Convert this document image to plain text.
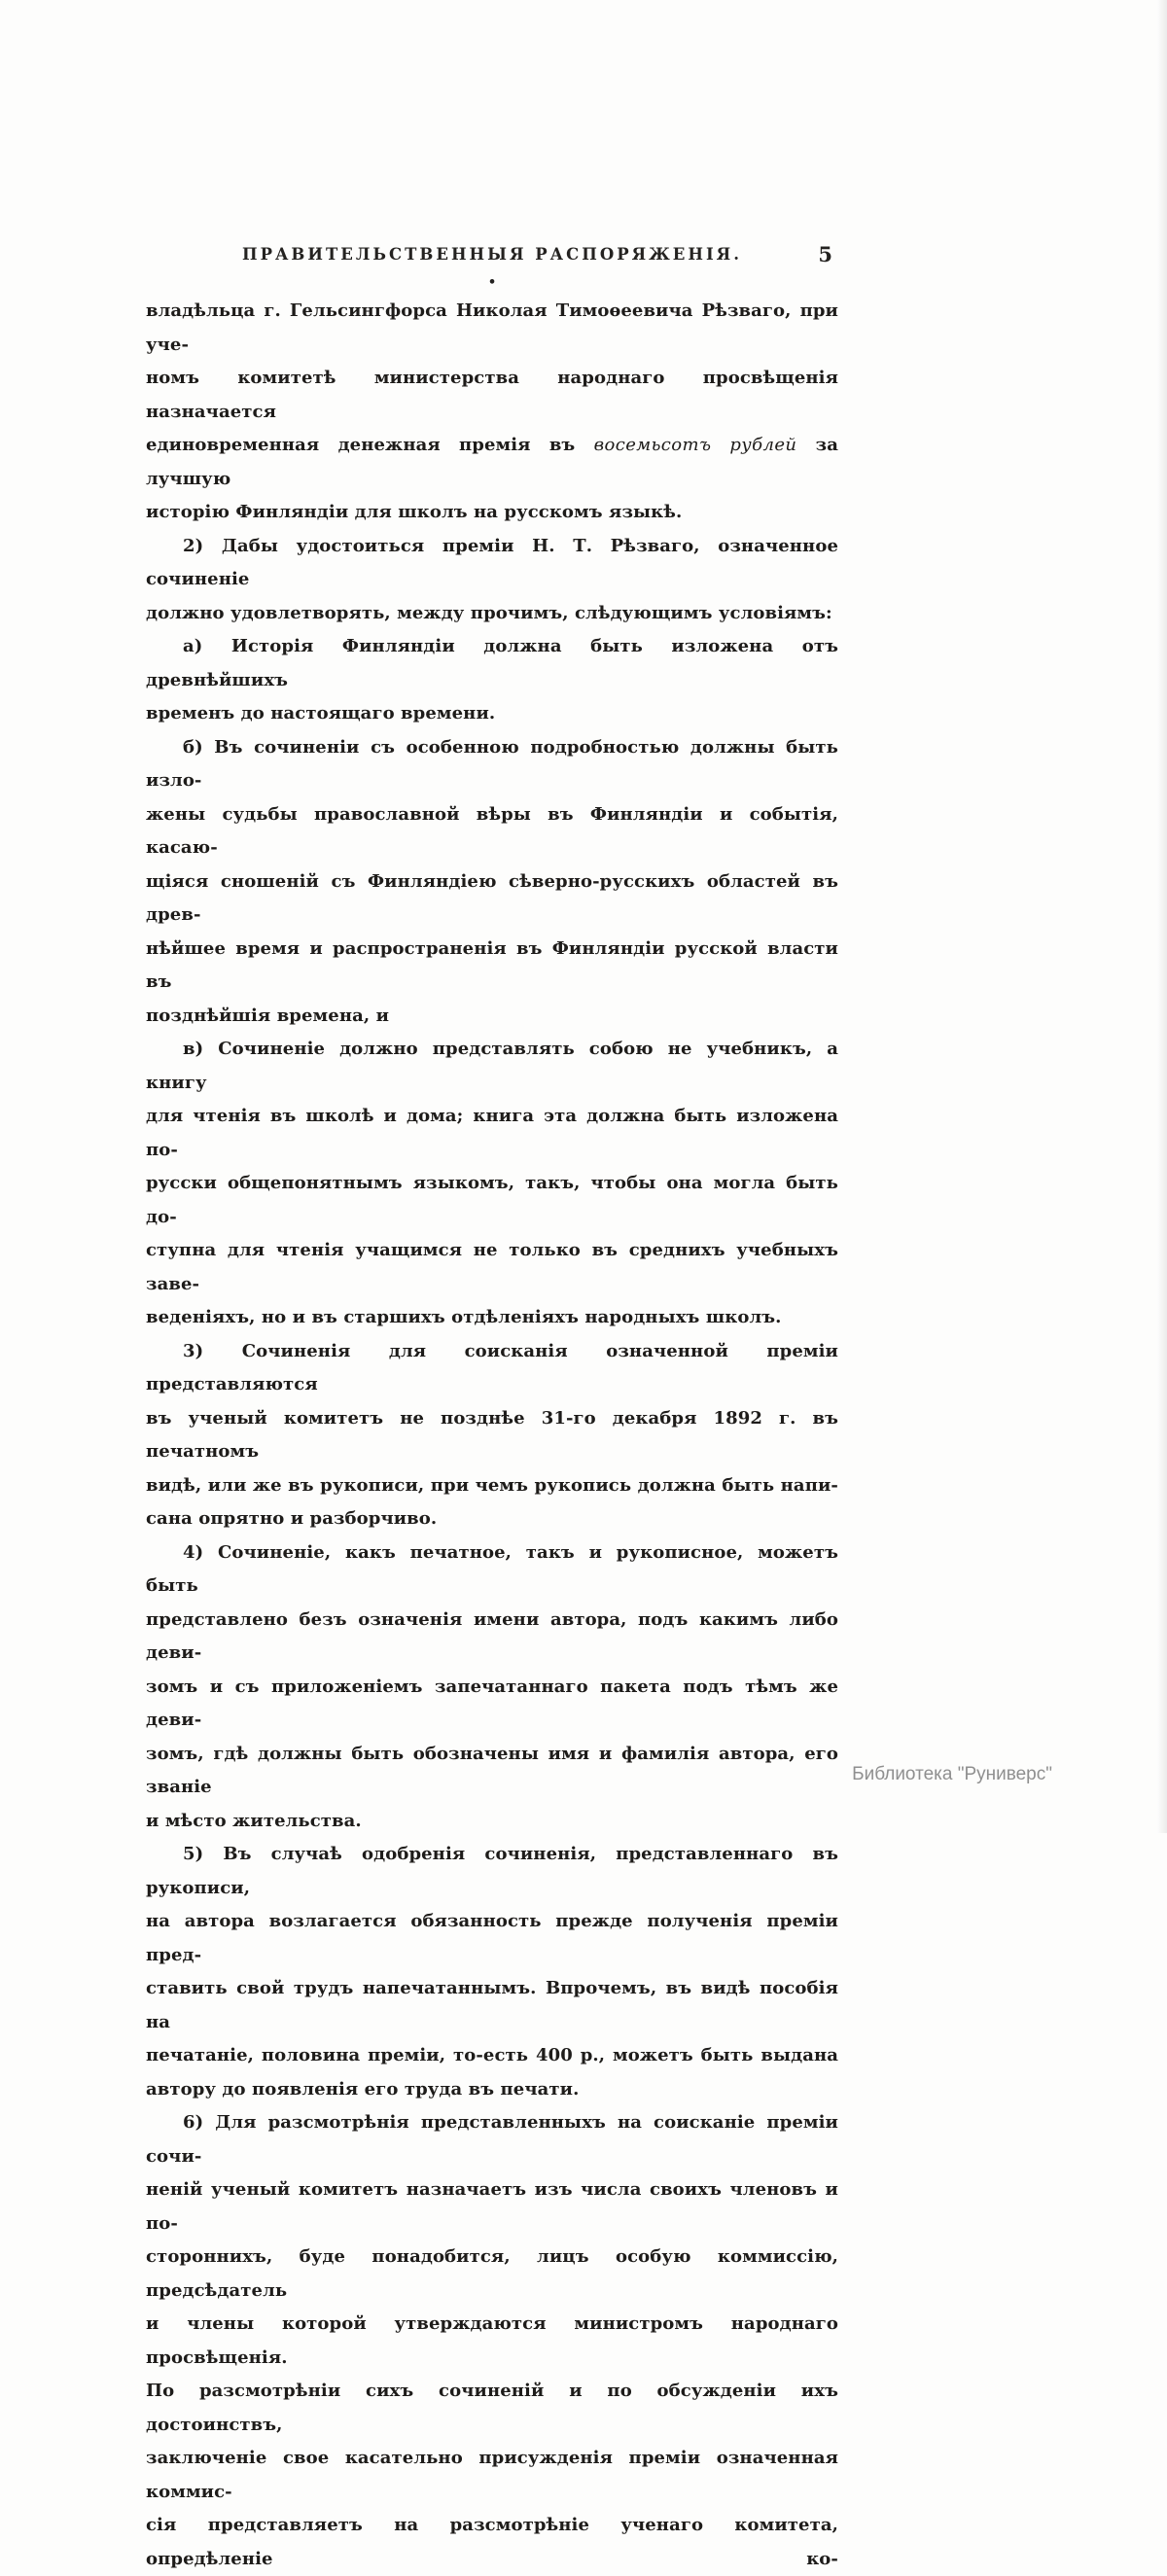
ПРАВИТЕЛЬСТВЕННЫЯ РАСПОРЯЖЕНІЯ.	5
•
владѣльца г. Гельсингфорса Николая Тимоѳеевича Рѣзваго, при уче-
номъ комитетѣ министерства народнаго просвѣщенія назначается
единовременная денежная премія въ восемьсотъ рублей за лучшую
исторію Финляндіи для школъ на русскомъ языкѣ.
2) Дабы удостоиться преміи Н. Т. Рѣзваго, означенное сочиненіе
должно удовлетворять, между прочимъ, слѣдующимъ условіямъ:
а) Исторія Финляндіи должна быть изложена отъ древнѣйшихъ
временъ до настоящаго времени.
б) Въ сочиненіи съ особенною подробностью должны быть изло-
жены судьбы православной вѣры въ Финляндіи и событія, касаю-
щіяся сношеній съ Финляндіею сѣверно-русскихъ областей въ древ-
нѣйшее время и распространенія въ Финляндіи русской власти въ
позднѣйшія времена, и
в) Сочиненіе должно представлять собою не учебникъ, а книгу
для чтенія въ школѣ и дома; книга эта должна быть изложена по-
русски общепонятнымъ языкомъ, такъ, чтобы она могла быть до-
ступна для чтенія учащимся не только въ среднихъ учебныхъ заве-
веденіяхъ, но и въ старшихъ отдѣленіяхъ народныхъ школъ.
3) Сочиненія для соисканія означенной преміи представляются
въ ученый комитетъ не позднѣе 31-го декабря 1892 г. въ печатномъ
видѣ, или же въ рукописи, при чемъ рукопись должна быть напи-
сана опрятно и разборчиво.
4) Сочиненіе, какъ печатное, такъ и рукописное, можетъ быть
представлено безъ означенія имени автора, подъ какимъ либо деви-
зомъ и съ приложеніемъ запечатаннаго пакета подъ тѣмъ же деви-
зомъ, гдѣ должны быть обозначены имя и фамилія автора, его званіе
и мѣсто жительства.
5) Въ случаѣ одобренія сочиненія, представленнаго въ рукописи,
на автора возлагается обязанность прежде полученія преміи пред-
ставить свой трудъ напечатаннымъ. Впрочемъ, въ видѣ пособія на
печатаніе, половина преміи, то-есть 400 р., можетъ быть выдана
автору до появленія его труда въ печати.
6) Для разсмотрѣнія представленныхъ на соисканіе преміи сочи-
неній ученый комитетъ назначаетъ изъ числа своихъ членовъ и по-
стороннихъ, буде понадобится, лицъ особую коммиссію, предсѣдатель
и члены которой утверждаются министромъ народнаго просвѣщенія.
По разсмотрѣніи сихъ сочиненій и по обсужденіи ихъ достоинствъ,
заключеніе свое касательно присужденія преміи означенная коммис-
сія представляетъ на разсмотрѣніе ученаго комитета, опредѣленіе ко-
Библиотека "Руниверс"
